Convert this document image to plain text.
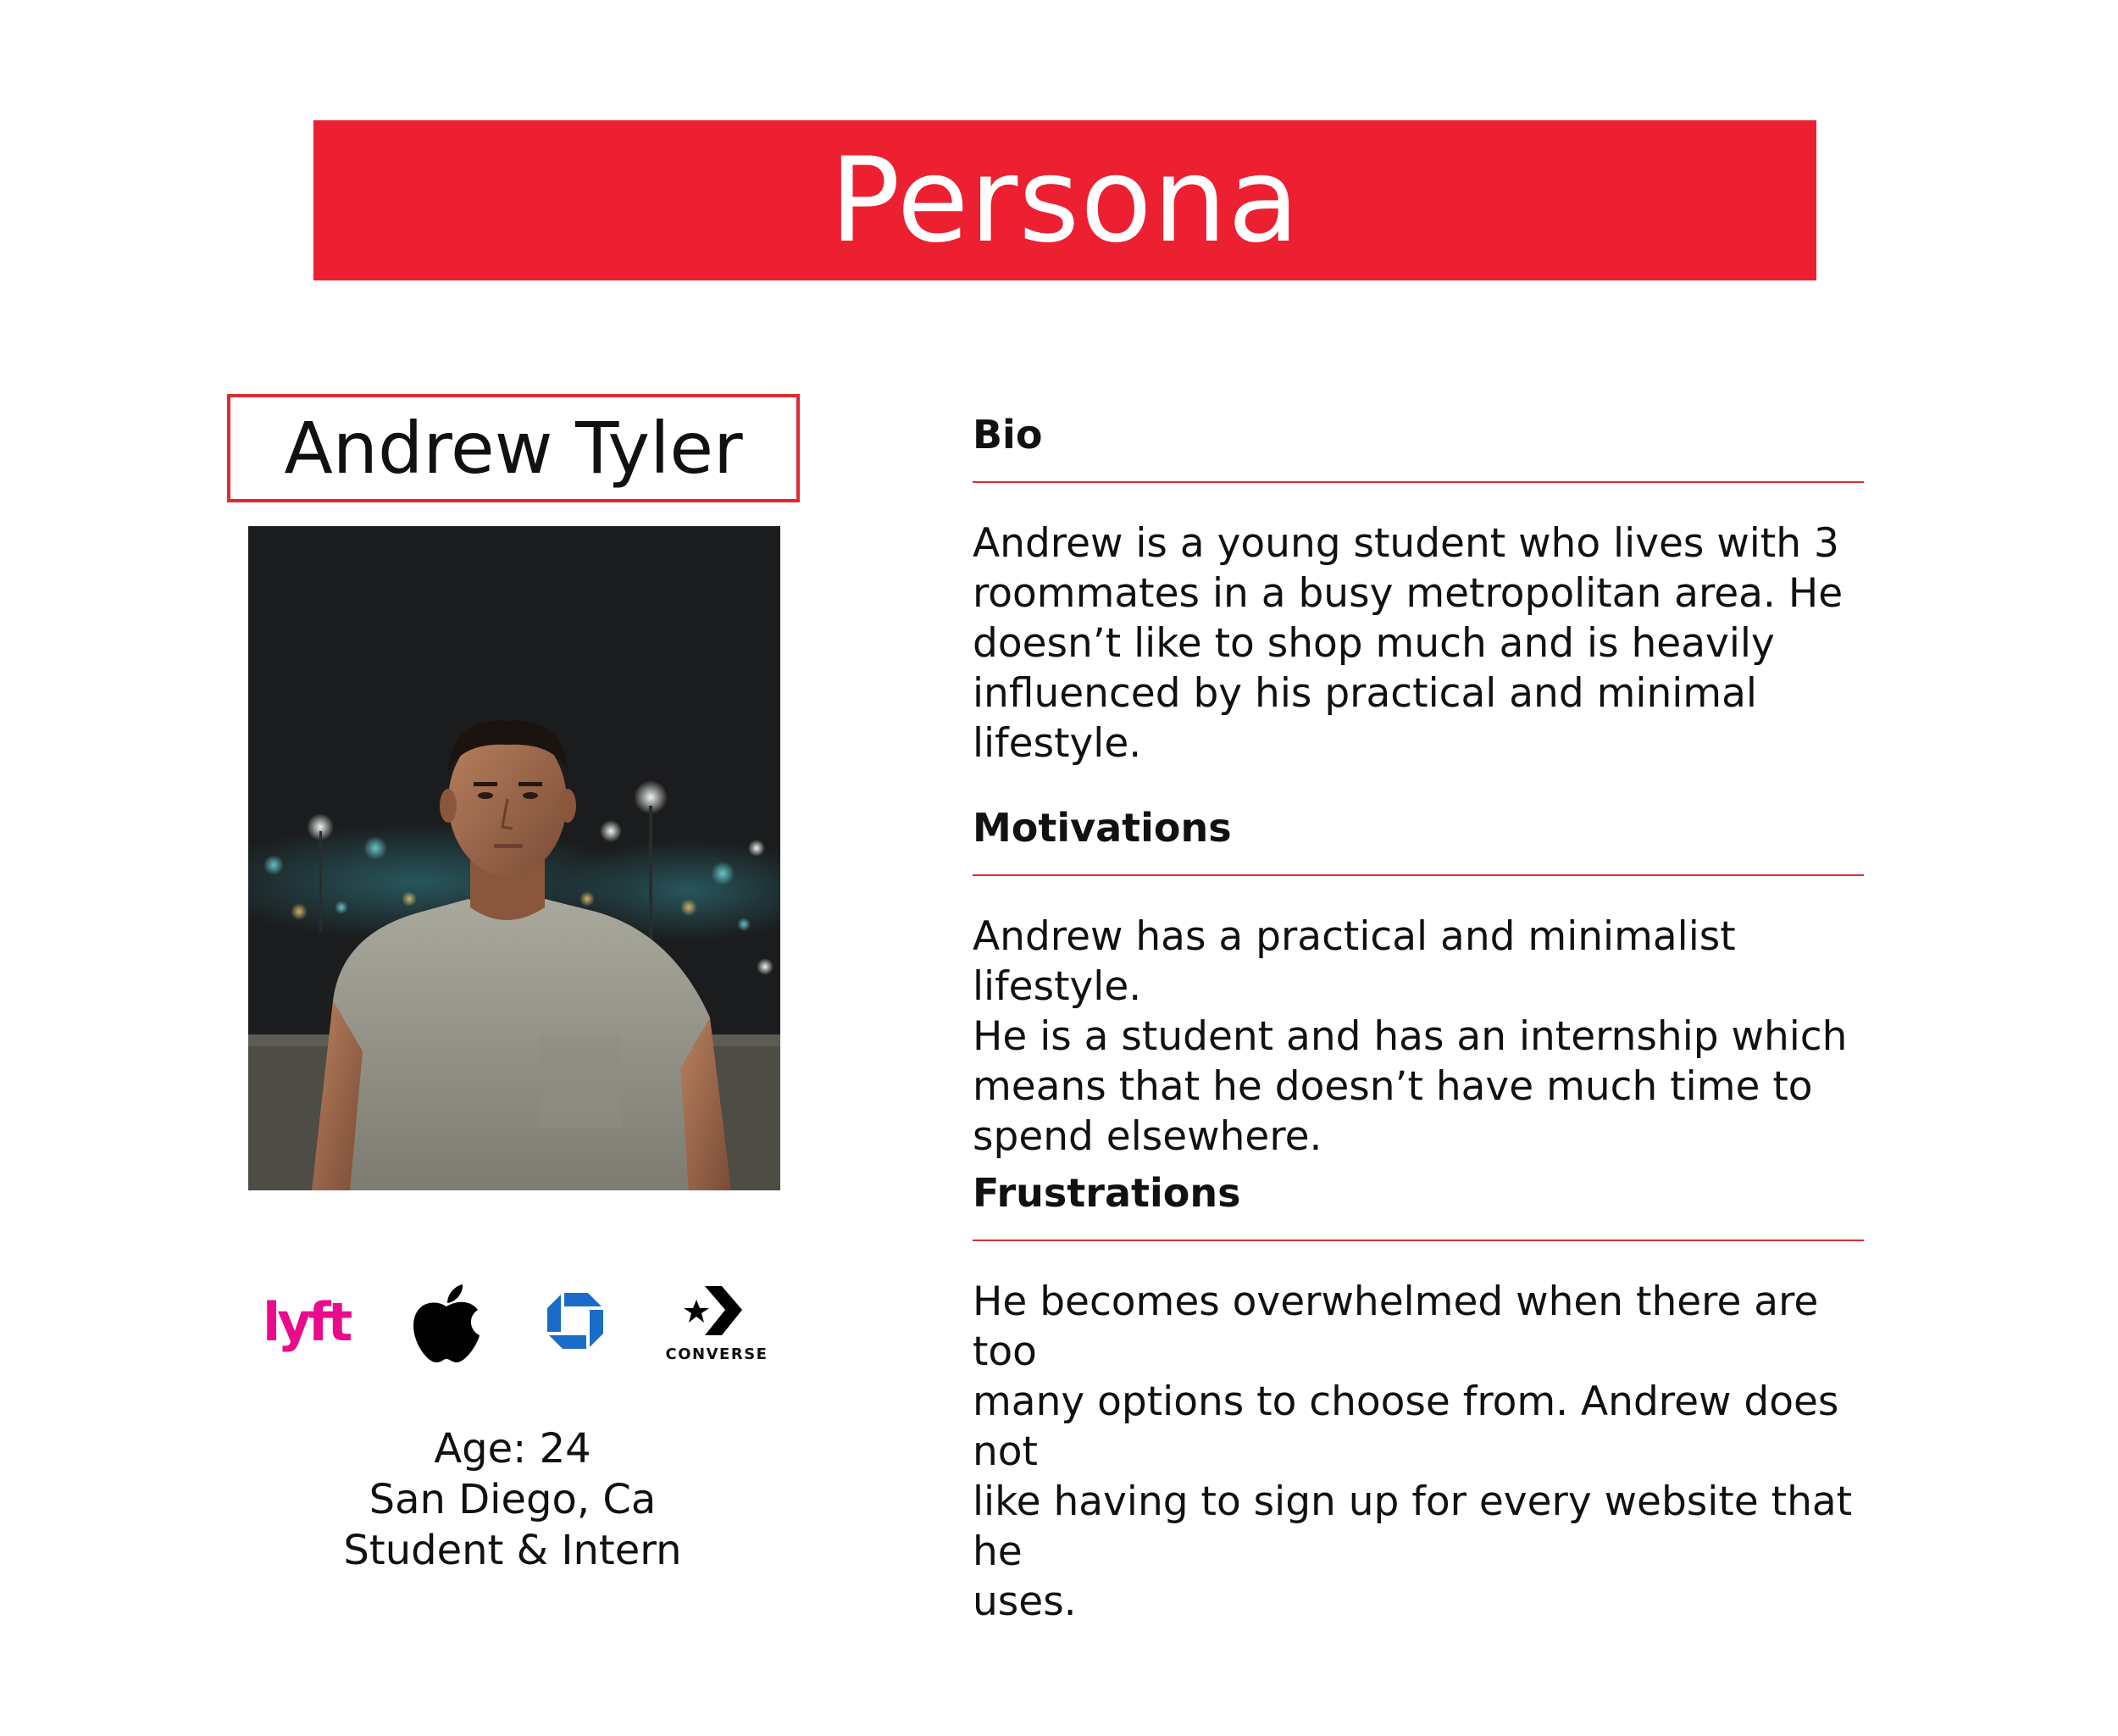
Persona
Andrew Tyler
lyft
CONVERSE
Age: 24
San Diego, Ca
Student & Intern
Bio
Andrew is a young student who lives with 3
roommates in a busy metropolitan area. He
doesn’t like to shop much and is heavily
influenced by his practical and minimal lifestyle.
Motivations
Andrew has a practical and minimalist lifestyle.
He is a student and has an internship which
means that he doesn’t have much time to
spend elsewhere.
Frustrations
He becomes overwhelmed when there are too
many options to choose from. Andrew does not
like having to sign up for every website that he
uses.
